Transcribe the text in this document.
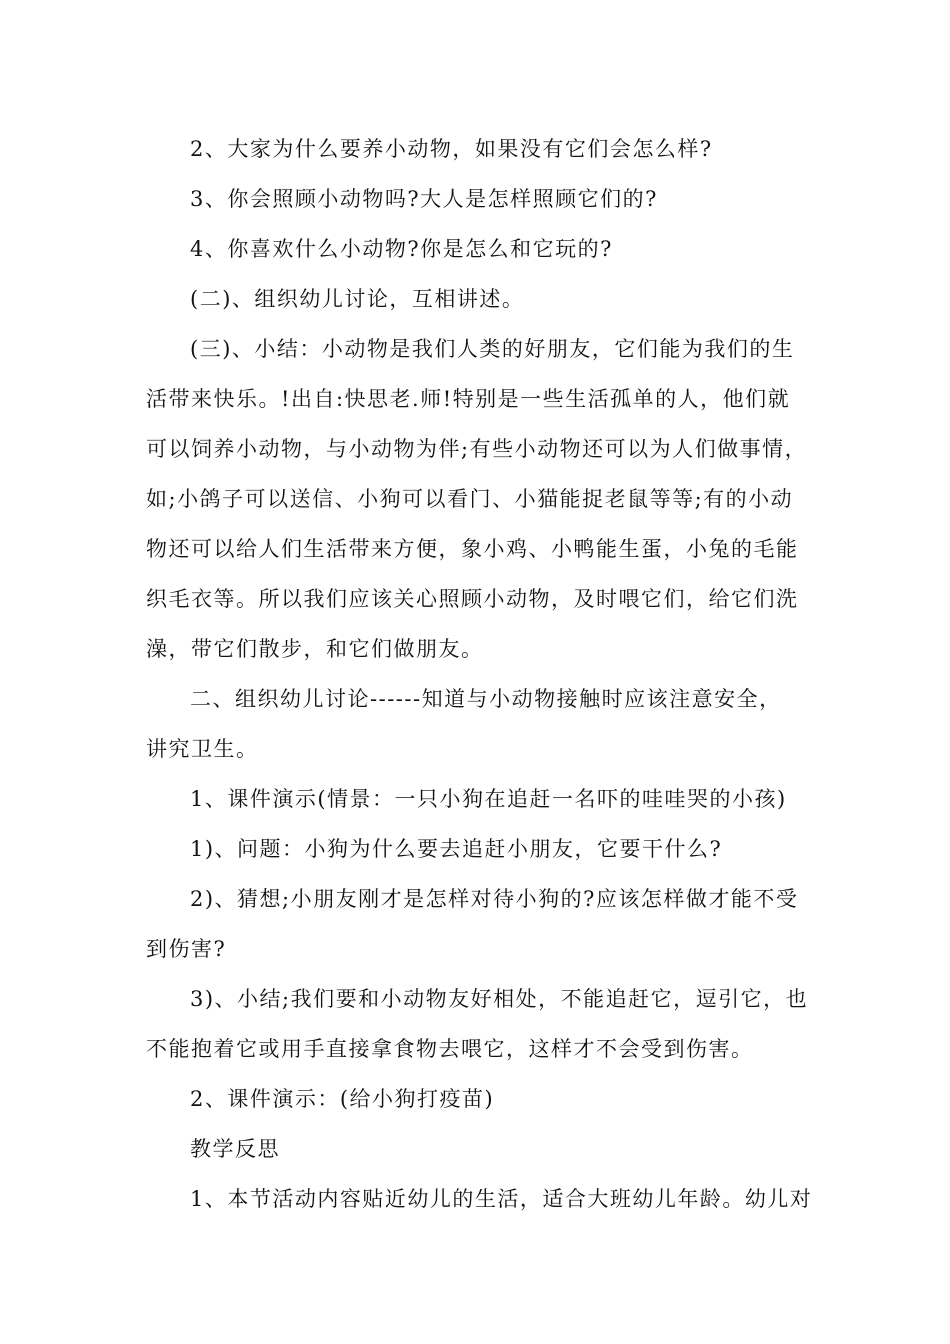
2、大家为什么要养小动物，如果没有它们会怎么样?
3、你会照顾小动物吗?大人是怎样照顾它们的?
4、你喜欢什么小动物?你是怎么和它玩的?
(二)、组织幼儿讨论，互相讲述。
(三)、小结：小动物是我们人类的好朋友，它们能为我们的生
活带来快乐。!出自:快思老.师!特别是一些生活孤单的人，他们就
可以饲养小动物，与小动物为伴;有些小动物还可以为人们做事情，
如;小鸽子可以送信、小狗可以看门、小猫能捉老鼠等等;有的小动
物还可以给人们生活带来方便，象小鸡、小鸭能生蛋，小兔的毛能
织毛衣等。所以我们应该关心照顾小动物，及时喂它们，给它们洗
澡，带它们散步，和它们做朋友。
二、组织幼儿讨论------知道与小动物接触时应该注意安全，
讲究卫生。
1、课件演示(情景：一只小狗在追赶一名吓的哇哇哭的小孩)
1)、问题：小狗为什么要去追赶小朋友，它要干什么?
2)、猜想;小朋友刚才是怎样对待小狗的?应该怎样做才能不受
到伤害?
3)、小结;我们要和小动物友好相处，不能追赶它，逗引它，也
不能抱着它或用手直接拿食物去喂它，这样才不会受到伤害。
2、课件演示：(给小狗打疫苗)
教学反思
1、本节活动内容贴近幼儿的生活，适合大班幼儿年龄。幼儿对
